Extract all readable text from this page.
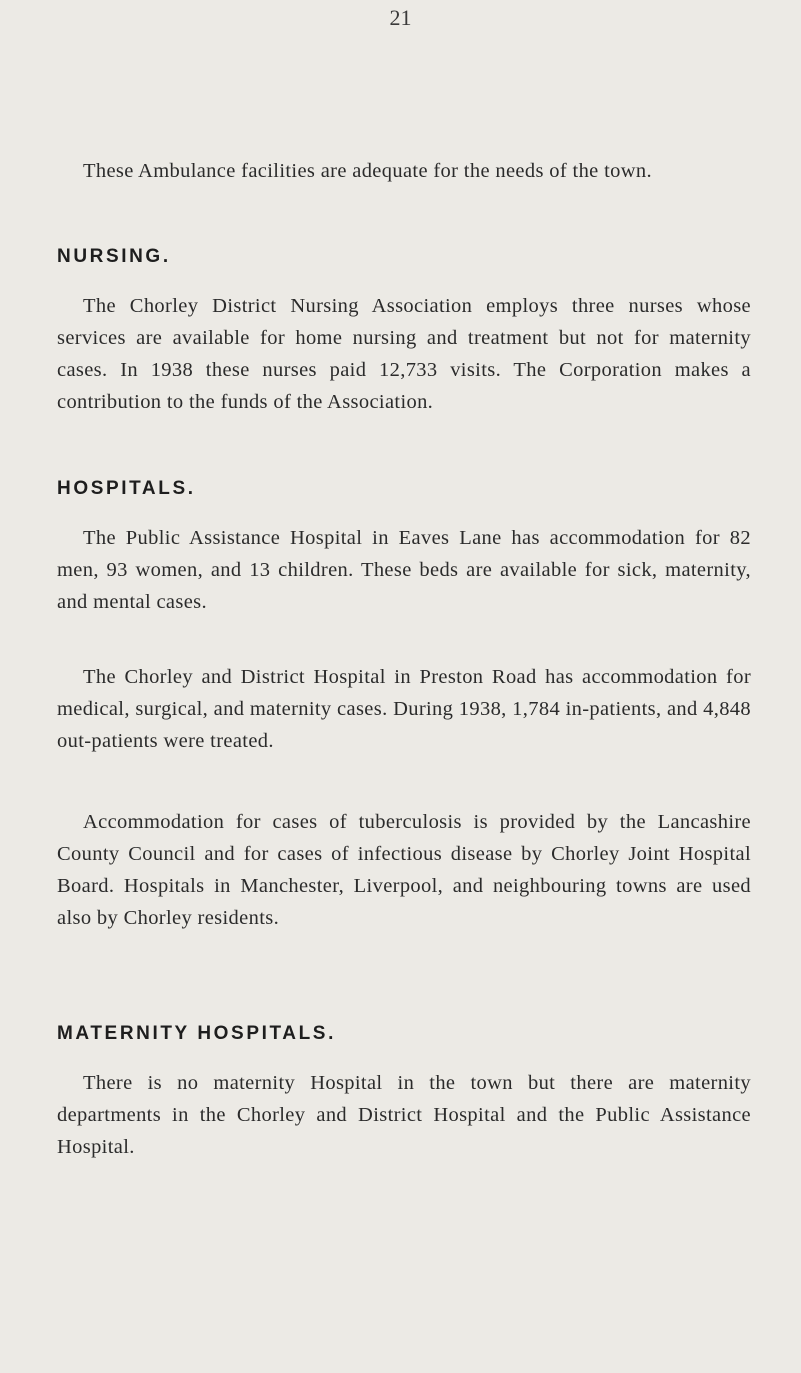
21

These Ambulance facilities are adequate for the needs of the town.

NURSING.

The Chorley District Nursing Association employs three nurses whose services are available for home nursing and treatment but not for maternity cases. In 1938 these nurses paid 12,733 visits. The Corporation makes a contribution to the funds of the Association.

HOSPITALS.

The Public Assistance Hospital in Eaves Lane has accommodation for 82 men, 93 women, and 13 children. These beds are available for sick, maternity, and mental cases.

The Chorley and District Hospital in Preston Road has accommodation for medical, surgical, and maternity cases. During 1938, 1,784 in-patients, and 4,848 out-patients were treated.

Accommodation for cases of tuberculosis is provided by the Lancashire County Council and for cases of infectious disease by Chorley Joint Hospital Board. Hospitals in Manchester, Liverpool, and neighbouring towns are used also by Chorley residents.

MATERNITY HOSPITALS.

There is no maternity Hospital in the town but there are maternity departments in the Chorley and District Hospital and the Public Assistance Hospital.
